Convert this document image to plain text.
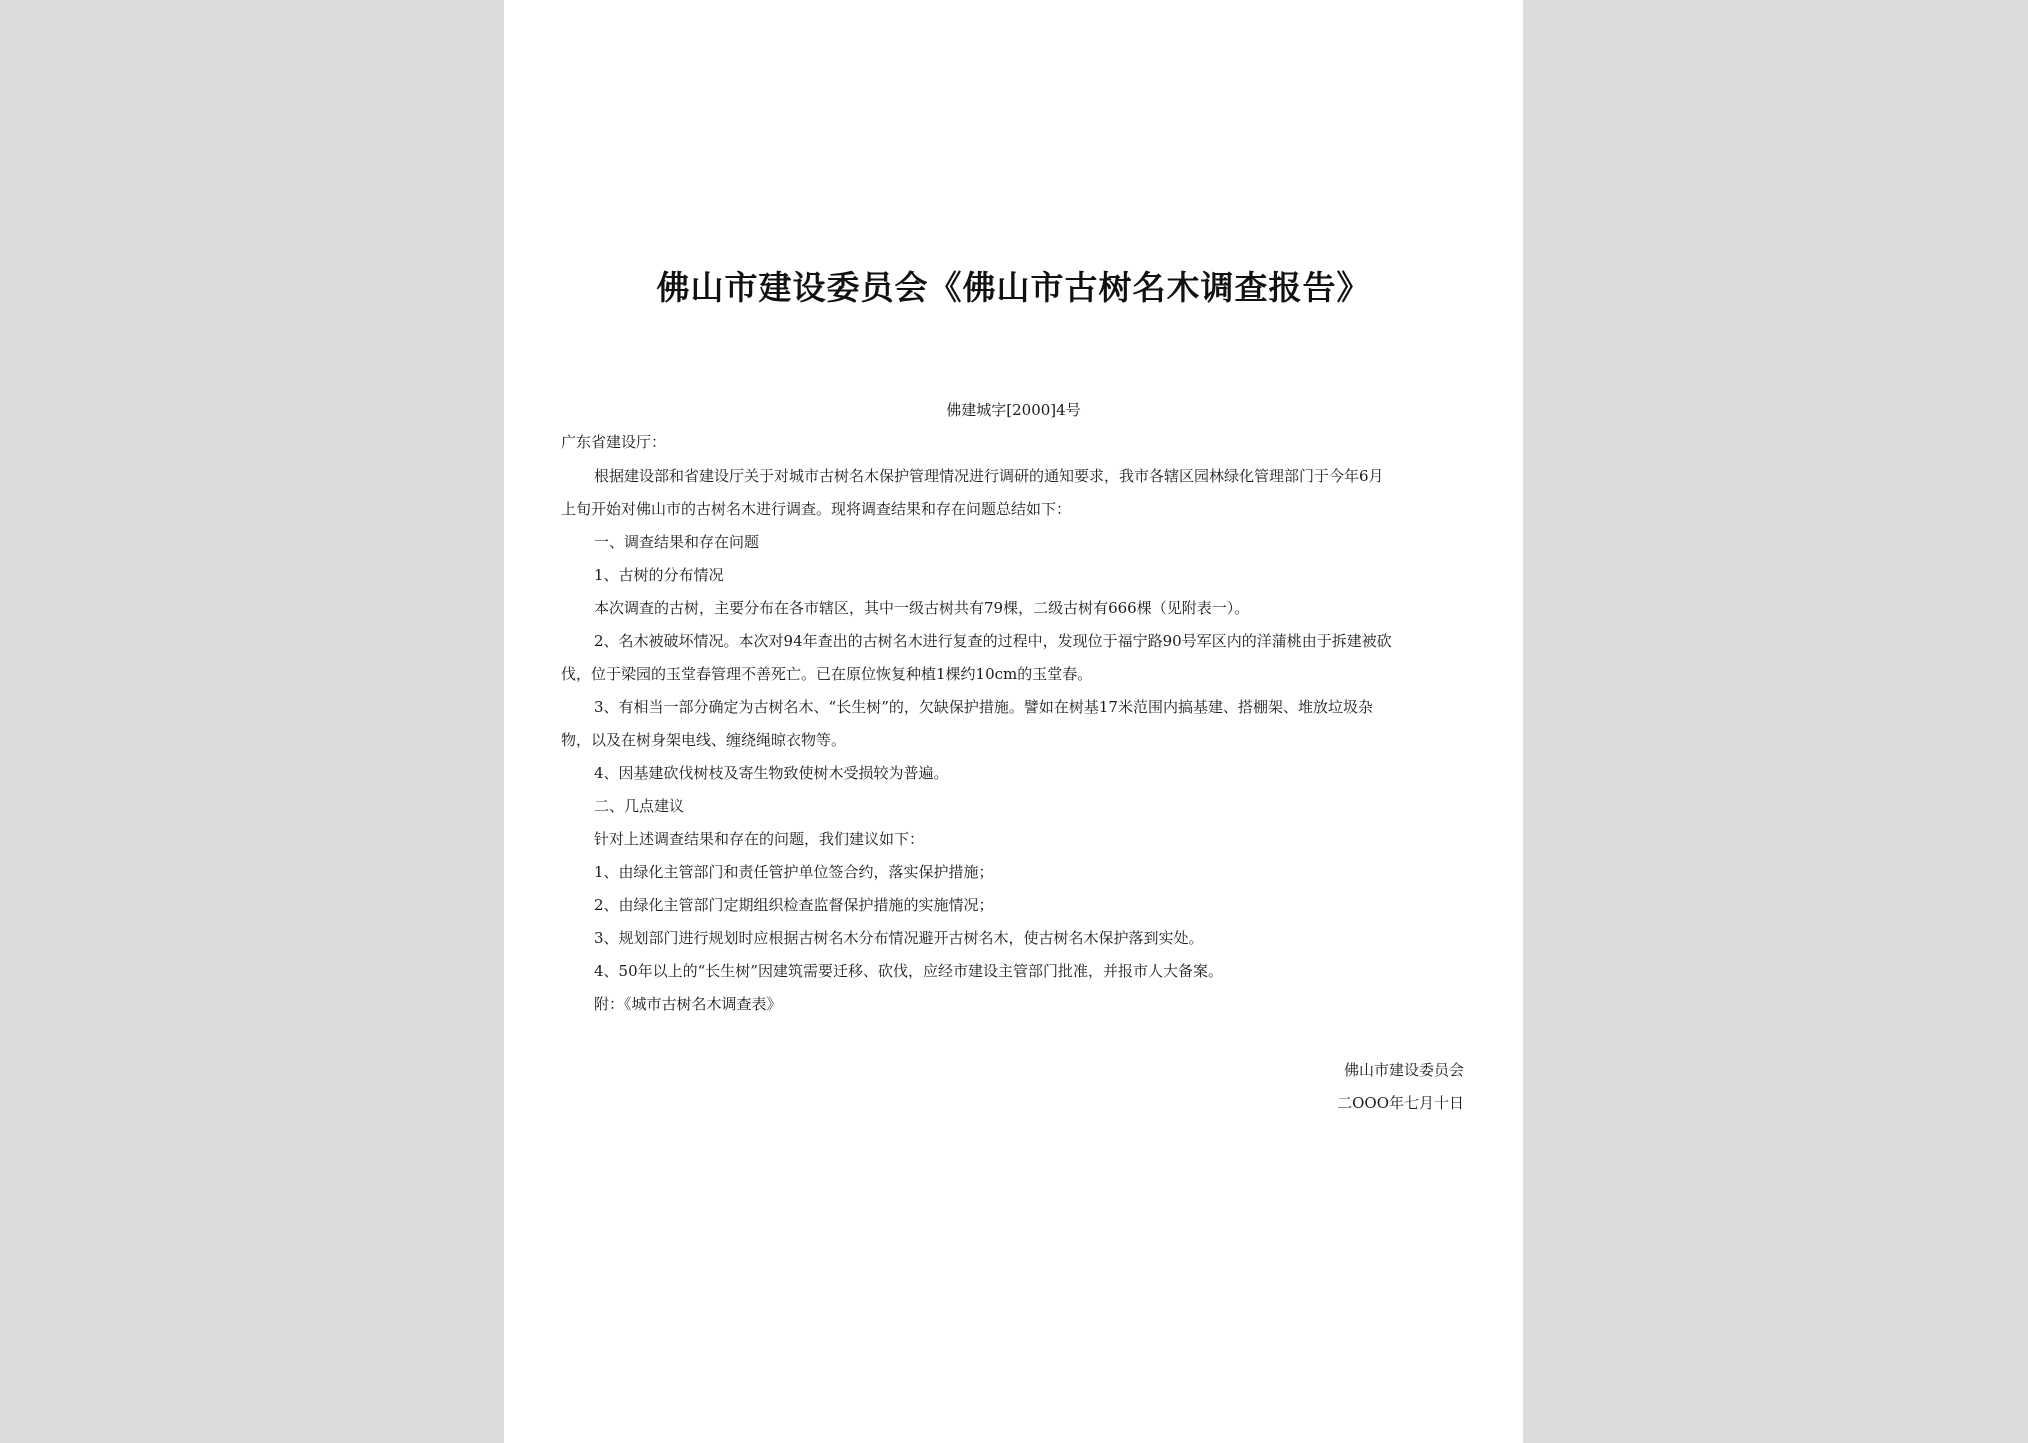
佛山市建设委员会《佛山市古树名木调查报告》
佛建城字[2000]4号
广东省建设厅：
根据建设部和省建设厅关于对城市古树名木保护管理情况进行调研的通知要求，我市各辖区园林绿化管理部门于今年6月
上旬开始对佛山市的古树名木进行调查。现将调查结果和存在问题总结如下：
一、调查结果和存在问题
1、古树的分布情况
本次调查的古树，主要分布在各市辖区，其中一级古树共有79棵，二级古树有666棵（见附表一）。
2、名木被破坏情况。本次对94年查出的古树名木进行复查的过程中，发现位于福宁路90号军区内的洋蒲桃由于拆建被砍
伐，位于梁园的玉堂春管理不善死亡。已在原位恢复种植1棵约10cm的玉堂春。
3、有相当一部分确定为古树名木、“长生树”的，欠缺保护措施。譬如在树基17米范围内搞基建、搭棚架、堆放垃圾杂
物，以及在树身架电线、缠绕绳晾衣物等。
4、因基建砍伐树枝及寄生物致使树木受损较为普遍。
二、几点建议
针对上述调查结果和存在的问题，我们建议如下：
1、由绿化主管部门和责任管护单位签合约，落实保护措施；
2、由绿化主管部门定期组织检查监督保护措施的实施情况；
3、规划部门进行规划时应根据古树名木分布情况避开古树名木，使古树名木保护落到实处。
4、50年以上的“长生树”因建筑需要迁移、砍伐，应经市建设主管部门批准，并报市人大备案。
附：《城市古树名木调查表》
佛山市建设委员会
二OOO年七月十日
